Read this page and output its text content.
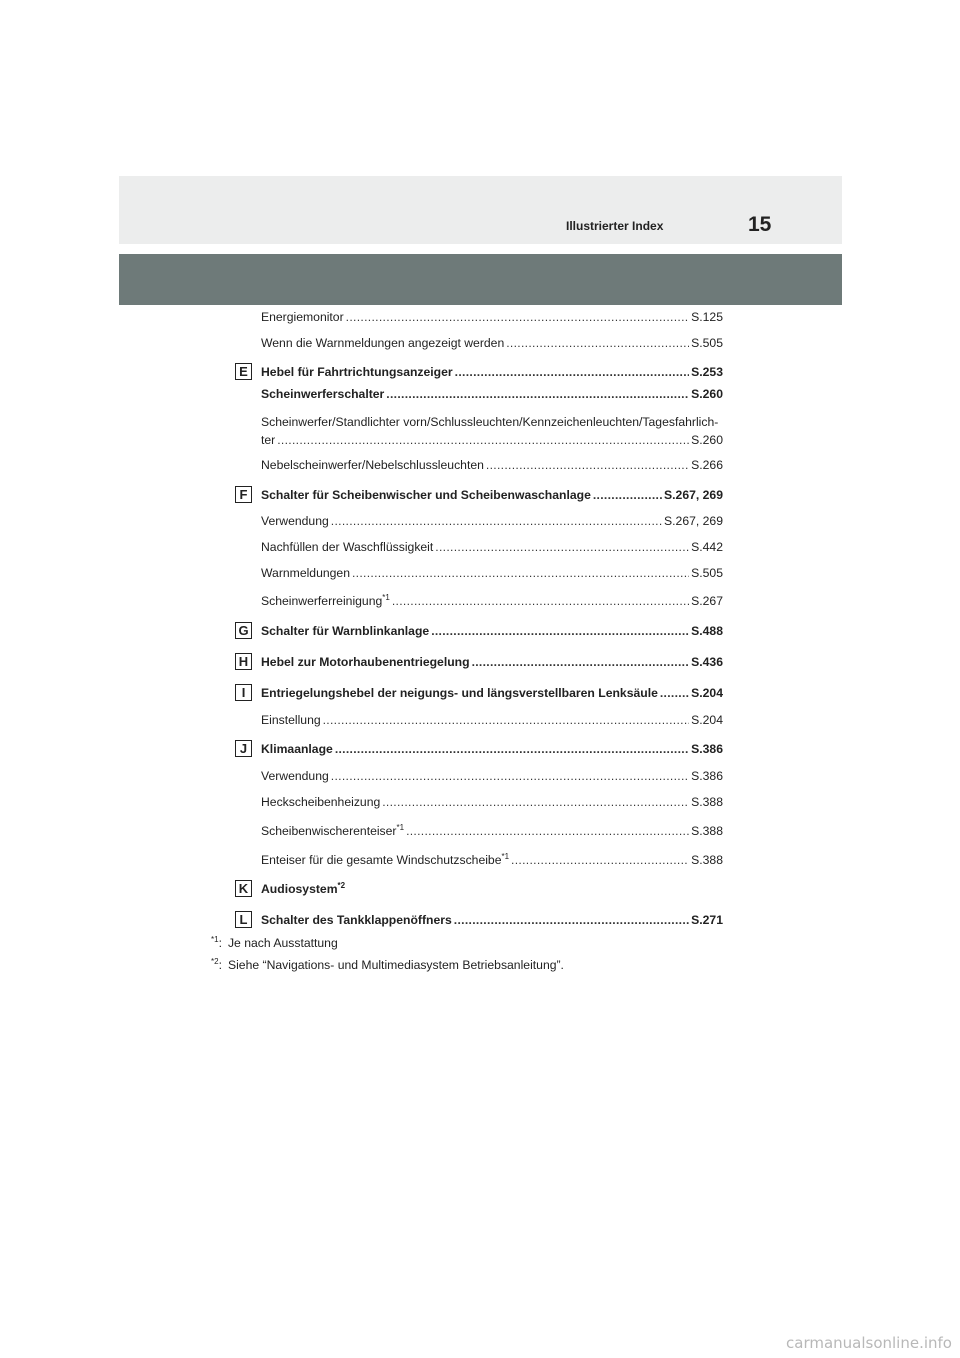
Illustrierter Index	15
Energiemonitor .....	S.125
Wenn die Warnmeldungen angezeigt werden .....	S.505
E	Hebel für Fahrtrichtungsanzeiger .....	S.253
Scheinwerferschalter .....	S.260
Scheinwerfer/Standlichter vorn/Schlussleuchten/Kennzeichenleuchten/Tagesfahrlich-
ter .....	S.260
Nebelscheinwerfer/Nebelschlussleuchten .....	S.266
F	Schalter für Scheibenwischer und Scheibenwaschanlage .....	S.267, 269
Verwendung .....	S.267, 269
Nachfüllen der Waschflüssigkeit .....	S.442
Warnmeldungen .....	S.505
Scheinwerferreinigung$^{*1}$ .....	S.267
G Schalter für Warnblinkanlage .....	S.488
H	Hebel zur Motorhaubenentriegelung .....	S.436
I	Entriegelungshebel der neigungs- und längsverstellbaren Lenksäule .....	S.204
Einstellung .....	S.204
J	Klimaanlage .....	S.386
Verwendung .....	S.386
Heckscheibenheizung .....	S.388
Scheibenwischerenteiser$^{*1}$ .....	S.388
Enteiser für die gesamte Windschutzscheibe$^{*1}$ .....	S.388
K	Audiosystem$^{*2}$
L	Schalter des Tankklappenöffners .....	S.271
$^{*1}$: Je nach Ausstattung
$^{*2}$: Siehe “Navigations- und Multimediasystem Betriebsanleitung”.
carmanualsonline.info
